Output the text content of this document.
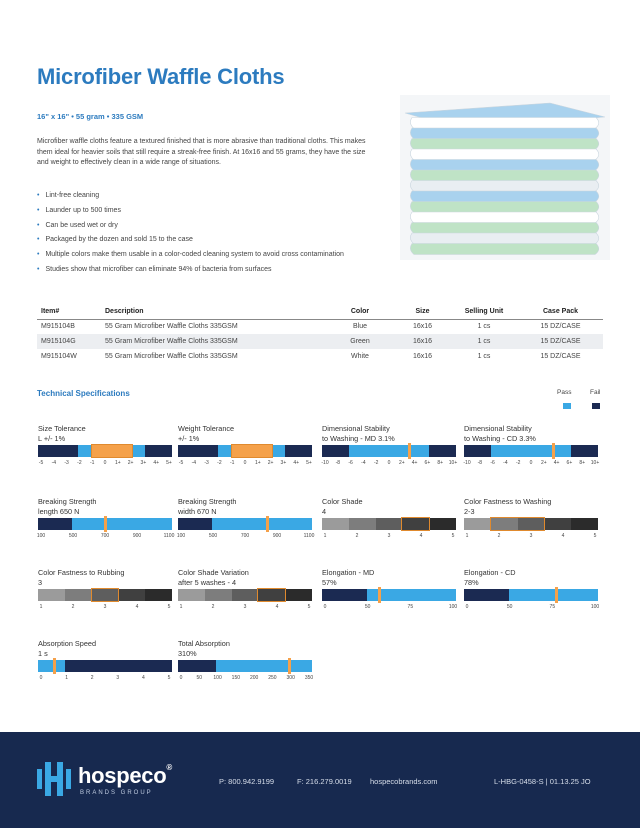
Microfiber Waffle Cloths
16" x 16" • 55 gram • 335 GSM
Microfiber waffle cloths feature a textured finished that is more abrasive than traditional cloths. This makes them ideal for heavier soils that still require a streak-free finish. At 16x16 and 55 grams, they have the size and weight to effectively clean in a wide range of situations.
• Lint-free cleaning
• Launder up to 500 times
• Can be used wet or dry
• Packaged by the dozen and sold 15 to the case
• Multiple colors make them usable in a color-coded cleaning system to avoid cross contamination
• Studies show that microfiber can eliminate 94% of bacteria from surfaces
Item#	Description	Color	Size	Selling Unit	Case Pack
M915104B	55 Gram Microfiber Waffle Cloths 335GSM	Blue	16x16	1 cs	15 DZ/CASE
M915104G	55 Gram Microfiber Waffle Cloths 335GSM	Green	16x16	1 cs	15 DZ/CASE
M915104W	55 Gram Microfiber Waffle Cloths 335GSM	White	16x16	1 cs	15 DZ/CASE
Technical Specifications	Pass	Fail
Size Tolerance
L +/- 1%
-5 -4 -3 -2 -1 0 1+ 2+ 3+ 4+ 5+
Weight Tolerance
+/- 1%
-5 -4 -3 -2 -1 0 1+ 2+ 3+ 4+ 5+
Dimensional Stability
to Washing - MD 3.1%
-10 -8 -6 -4 -2 0 2+ 4+ 6+ 8+ 10+
Dimensional Stability
to Washing - CD 3.3%
-10 -8 -6 -4 -2 0 2+ 4+ 6+ 8+ 10+
Breaking Strength
length 650 N
100	500	700	900	1100
Breaking Strength
width 670 N
100	500	700	900	1100
Color Shade
4
1	2	3	4	5
Color Fastness to Washing
2-3
1	2	3	4	5
Color Fastness to Rubbing
3
1	2	3	4	5
Color Shade Variation
after 5 washes - 4
1	2	3	4	5
Elongation - MD
57%
0	50	75	100
Elongation - CD
78%
0	50	75	100
Absorption Speed
1 s
0	1	2	3	4	5
Total Absorption
310%
0	50 100 150 200 250 300 350
hospeco®
BRANDS GROUP
P: 800.942.9199	F: 216.279.0019 hospecobrands.com	L-HBG-0458-S | 01.13.25 JO
